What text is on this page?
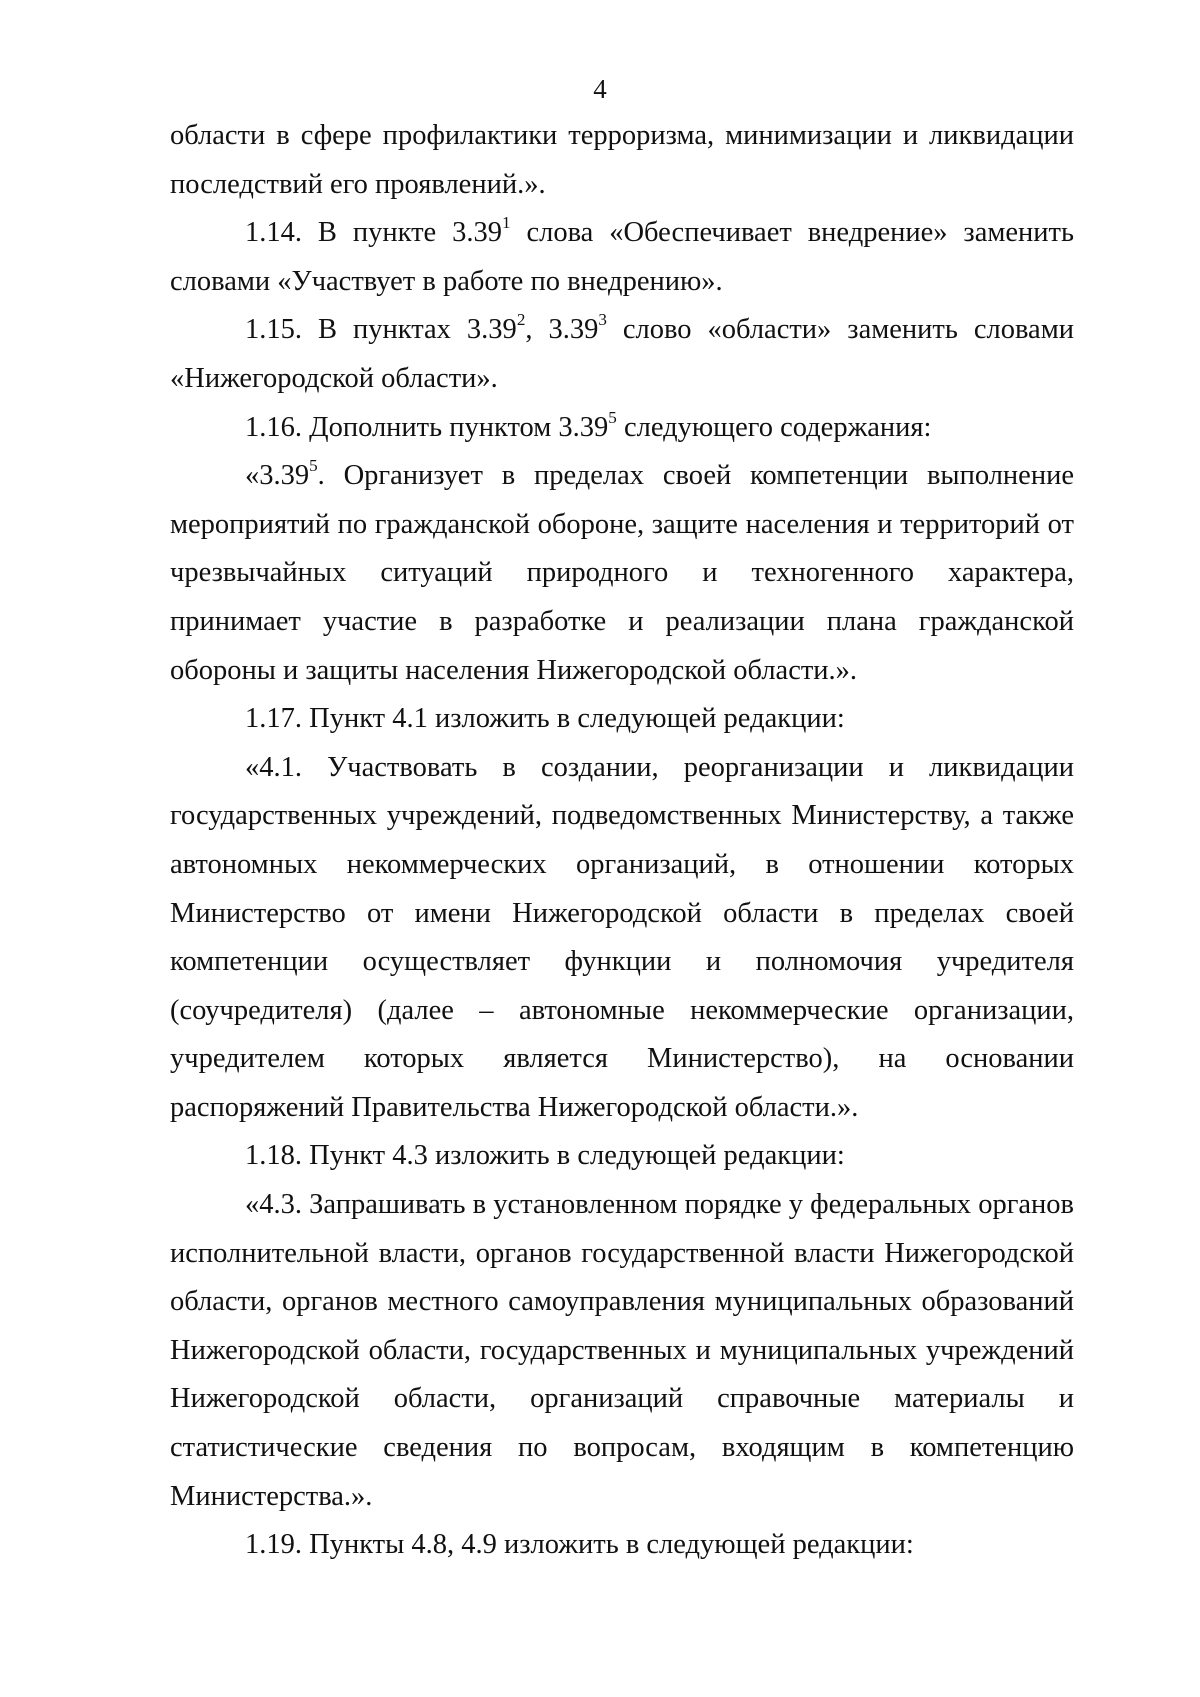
4

области в сфере профилактики терроризма, минимизации и ликвидации последствий его проявлений.».

1.14. В пункте 3.39$^1$ слова «Обеспечивает внедрение» заменить словами «Участвует в работе по внедрению».

1.15. В пунктах 3.39$^2$, 3.39$^3$ слово «области» заменить словами «Нижегородской области».

1.16. Дополнить пунктом 3.39$^5$ следующего содержания:

«3.39$^5$. Организует в пределах своей компетенции выполнение мероприятий по гражданской обороне, защите населения и территорий от чрезвычайных ситуаций природного и техногенного характера, принимает участие в разработке и реализации плана гражданской обороны и защиты населения Нижегородской области.».

1.17. Пункт 4.1 изложить в следующей редакции:

«4.1. Участвовать в создании, реорганизации и ликвидации государственных учреждений, подведомственных Министерству, а также автономных некоммерческих организаций, в отношении которых Министерство от имени Нижегородской области в пределах своей компетенции осуществляет функции и полномочия учредителя (соучредителя) (далее – автономные некоммерческие организации, учредителем которых является Министерство), на основании распоряжений Правительства Нижегородской области.».

1.18. Пункт 4.3 изложить в следующей редакции:

«4.3. Запрашивать в установленном порядке у федеральных органов исполнительной власти, органов государственной власти Нижегородской области, органов местного самоуправления муниципальных образований Нижегородской области, государственных и муниципальных учреждений Нижегородской области, организаций справочные материалы и статистические сведения по вопросам, входящим в компетенцию Министерства.».

1.19. Пункты 4.8, 4.9 изложить в следующей редакции:
